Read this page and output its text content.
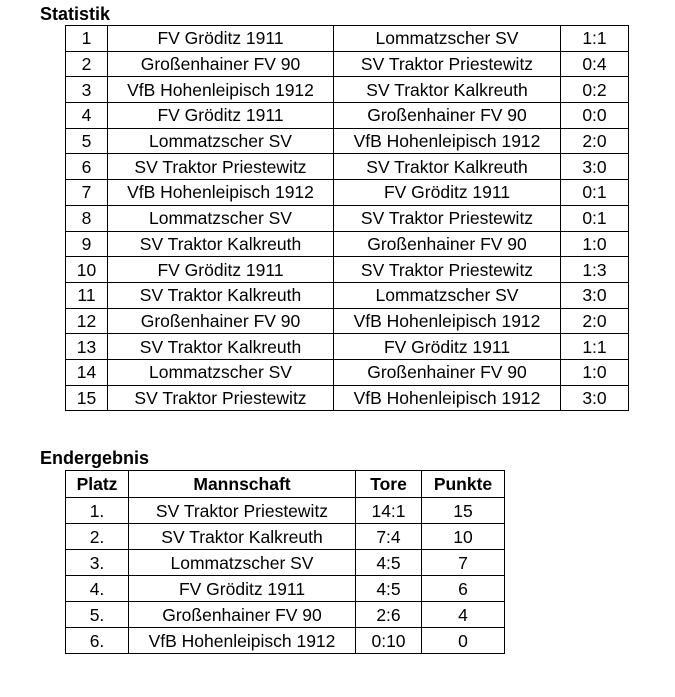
Statistik
1	FV Gröditz 1911	Lommatzscher SV	1:1
2	Großenhainer FV 90	SV Traktor Priestewitz	0:4
3	VfB Hohenleipisch 1912	SV Traktor Kalkreuth	0:2
4	FV Gröditz 1911	Großenhainer FV 90	0:0
5	Lommatzscher SV	VfB Hohenleipisch 1912	2:0
6	SV Traktor Priestewitz	SV Traktor Kalkreuth	3:0
7	VfB Hohenleipisch 1912	FV Gröditz 1911	0:1
8	Lommatzscher SV	SV Traktor Priestewitz	0:1
9	SV Traktor Kalkreuth	Großenhainer FV 90	1:0
10	FV Gröditz 1911	SV Traktor Priestewitz	1:3
11	SV Traktor Kalkreuth	Lommatzscher SV	3:0
12	Großenhainer FV 90	VfB Hohenleipisch 1912	2:0
13	SV Traktor Kalkreuth	FV Gröditz 1911	1:1
14	Lommatzscher SV	Großenhainer FV 90	1:0
15	SV Traktor Priestewitz	VfB Hohenleipisch 1912	3:0
Endergebnis
Platz	Mannschaft	Tore	Punkte
1.	SV Traktor Priestewitz	14:1	15
2.	SV Traktor Kalkreuth	7:4	10
3.	Lommatzscher SV	4:5	7
4.	FV Gröditz 1911	4:5	6
5.	Großenhainer FV 90	2:6	4
6.	VfB Hohenleipisch 1912	0:10	0
